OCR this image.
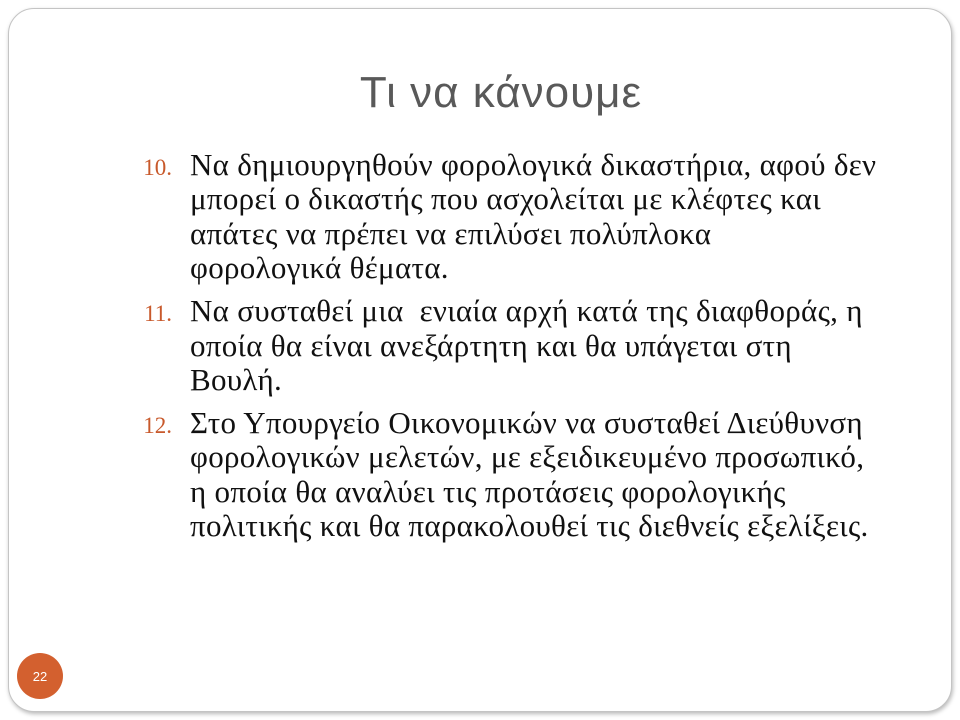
Τι να κάνουμε
10. Να δημιουργηθούν φορολογικά δικαστήρια, αφού δεν
μπορεί ο δικαστής που ασχολείται με κλέφτες και
απάτες να πρέπει να επιλύσει πολύπλοκα
φορολογικά θέματα.
11. Να συσταθεί μια  ενιαία αρχή κατά της διαφθοράς, η
οποία θα είναι ανεξάρτητη και θα υπάγεται στη
Βουλή.
12. Στο Υπουργείο Οικονομικών να συσταθεί Διεύθυνση
φορολογικών μελετών, με εξειδικευμένο προσωπικό,
η οποία θα αναλύει τις προτάσεις φορολογικής
πολιτικής και θα παρακολουθεί τις διεθνείς εξελίξεις.
22
